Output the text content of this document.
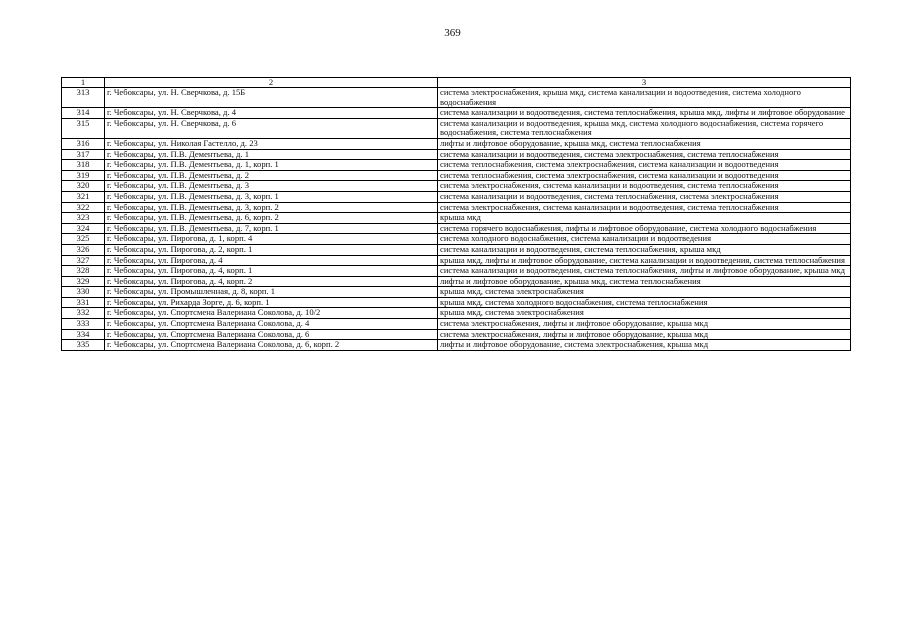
369
1	2	3
313	г. Чебоксары, ул. Н. Сверчкова, д. 15Б	система электроснабжения, крыша мкд, система канализации и водоотведения, система холодного водоснабжения
314	г. Чебоксары, ул. Н. Сверчкова, д. 4	система канализации и водоотведения, система теплоснабжения, крыша мкд, лифты и лифтовое оборудование
315	г. Чебоксары, ул. Н. Сверчкова, д. 6	система канализации и водоотведения, крыша мкд, система холодного водоснабжения, система горячего водоснабжения, система теплоснабжения
316	г. Чебоксары, ул. Николая Гастелло, д. 23	лифты и лифтовое оборудование, крыша мкд, система теплоснабжения
317	г. Чебоксары, ул. П.В. Дементьева, д. 1	система канализации и водоотведения, система электроснабжения, система теплоснабжения
318	г. Чебоксары, ул. П.В. Дементьева, д. 1, корп. 1	система теплоснабжения, система электроснабжения, система канализации и водоотведения
319	г. Чебоксары, ул. П.В. Дементьева, д. 2	система теплоснабжения, система электроснабжения, система канализации и водоотведения
320	г. Чебоксары, ул. П.В. Дементьева, д. 3	система электроснабжения, система канализации и водоотведения, система теплоснабжения
321	г. Чебоксары, ул. П.В. Дементьева, д. 3, корп. 1	система канализации и водоотведения, система теплоснабжения, система электроснабжения
322	г. Чебоксары, ул. П.В. Дементьева, д. 3, корп. 2	система электроснабжения, система канализации и водоотведения, система теплоснабжения
323	г. Чебоксары, ул. П.В. Дементьева, д. 6, корп. 2	крыша мкд
324	г. Чебоксары, ул. П.В. Дементьева, д. 7, корп. 1	система горячего водоснабжения, лифты и лифтовое оборудование, система холодного водоснабжения
325	г. Чебоксары, ул. Пирогова, д. 1, корп. 4	система холодного водоснабжения, система канализации и водоотведения
326	г. Чебоксары, ул. Пирогова, д. 2, корп. 1	система канализации и водоотведения, система теплоснабжения, крыша мкд
327	г. Чебоксары, ул. Пирогова, д. 4	крыша мкд, лифты и лифтовое оборудование, система канализации и водоотведения, система теплоснабжения
328	г. Чебоксары, ул. Пирогова, д. 4, корп. 1	система канализации и водоотведения, система теплоснабжения, лифты и лифтовое оборудование, крыша мкд
329	г. Чебоксары, ул. Пирогова, д. 4, корп. 2	лифты и лифтовое оборудование, крыша мкд, система теплоснабжения
330	г. Чебоксары, ул. Промышленная, д. 8, корп. 1	крыша мкд, система электроснабжения
331	г. Чебоксары, ул. Рихарда Зорге, д. 6, корп. 1	крыша мкд, система холодного водоснабжения, система теплоснабжения
332	г. Чебоксары, ул. Спортсмена Валериана Соколова, д. 10/2	крыша мкд, система электроснабжения
333	г. Чебоксары, ул. Спортсмена Валериана Соколова, д. 4	система электроснабжения, лифты и лифтовое оборудование, крыша мкд
334	г. Чебоксары, ул. Спортсмена Валериана Соколова, д. 6	система электроснабжения, лифты и лифтовое оборудование, крыша мкд
335	г. Чебоксары, ул. Спортсмена Валериана Соколова, д. 6, корп. 2	лифты и лифтовое оборудование, система электроснабжения, крыша мкд
